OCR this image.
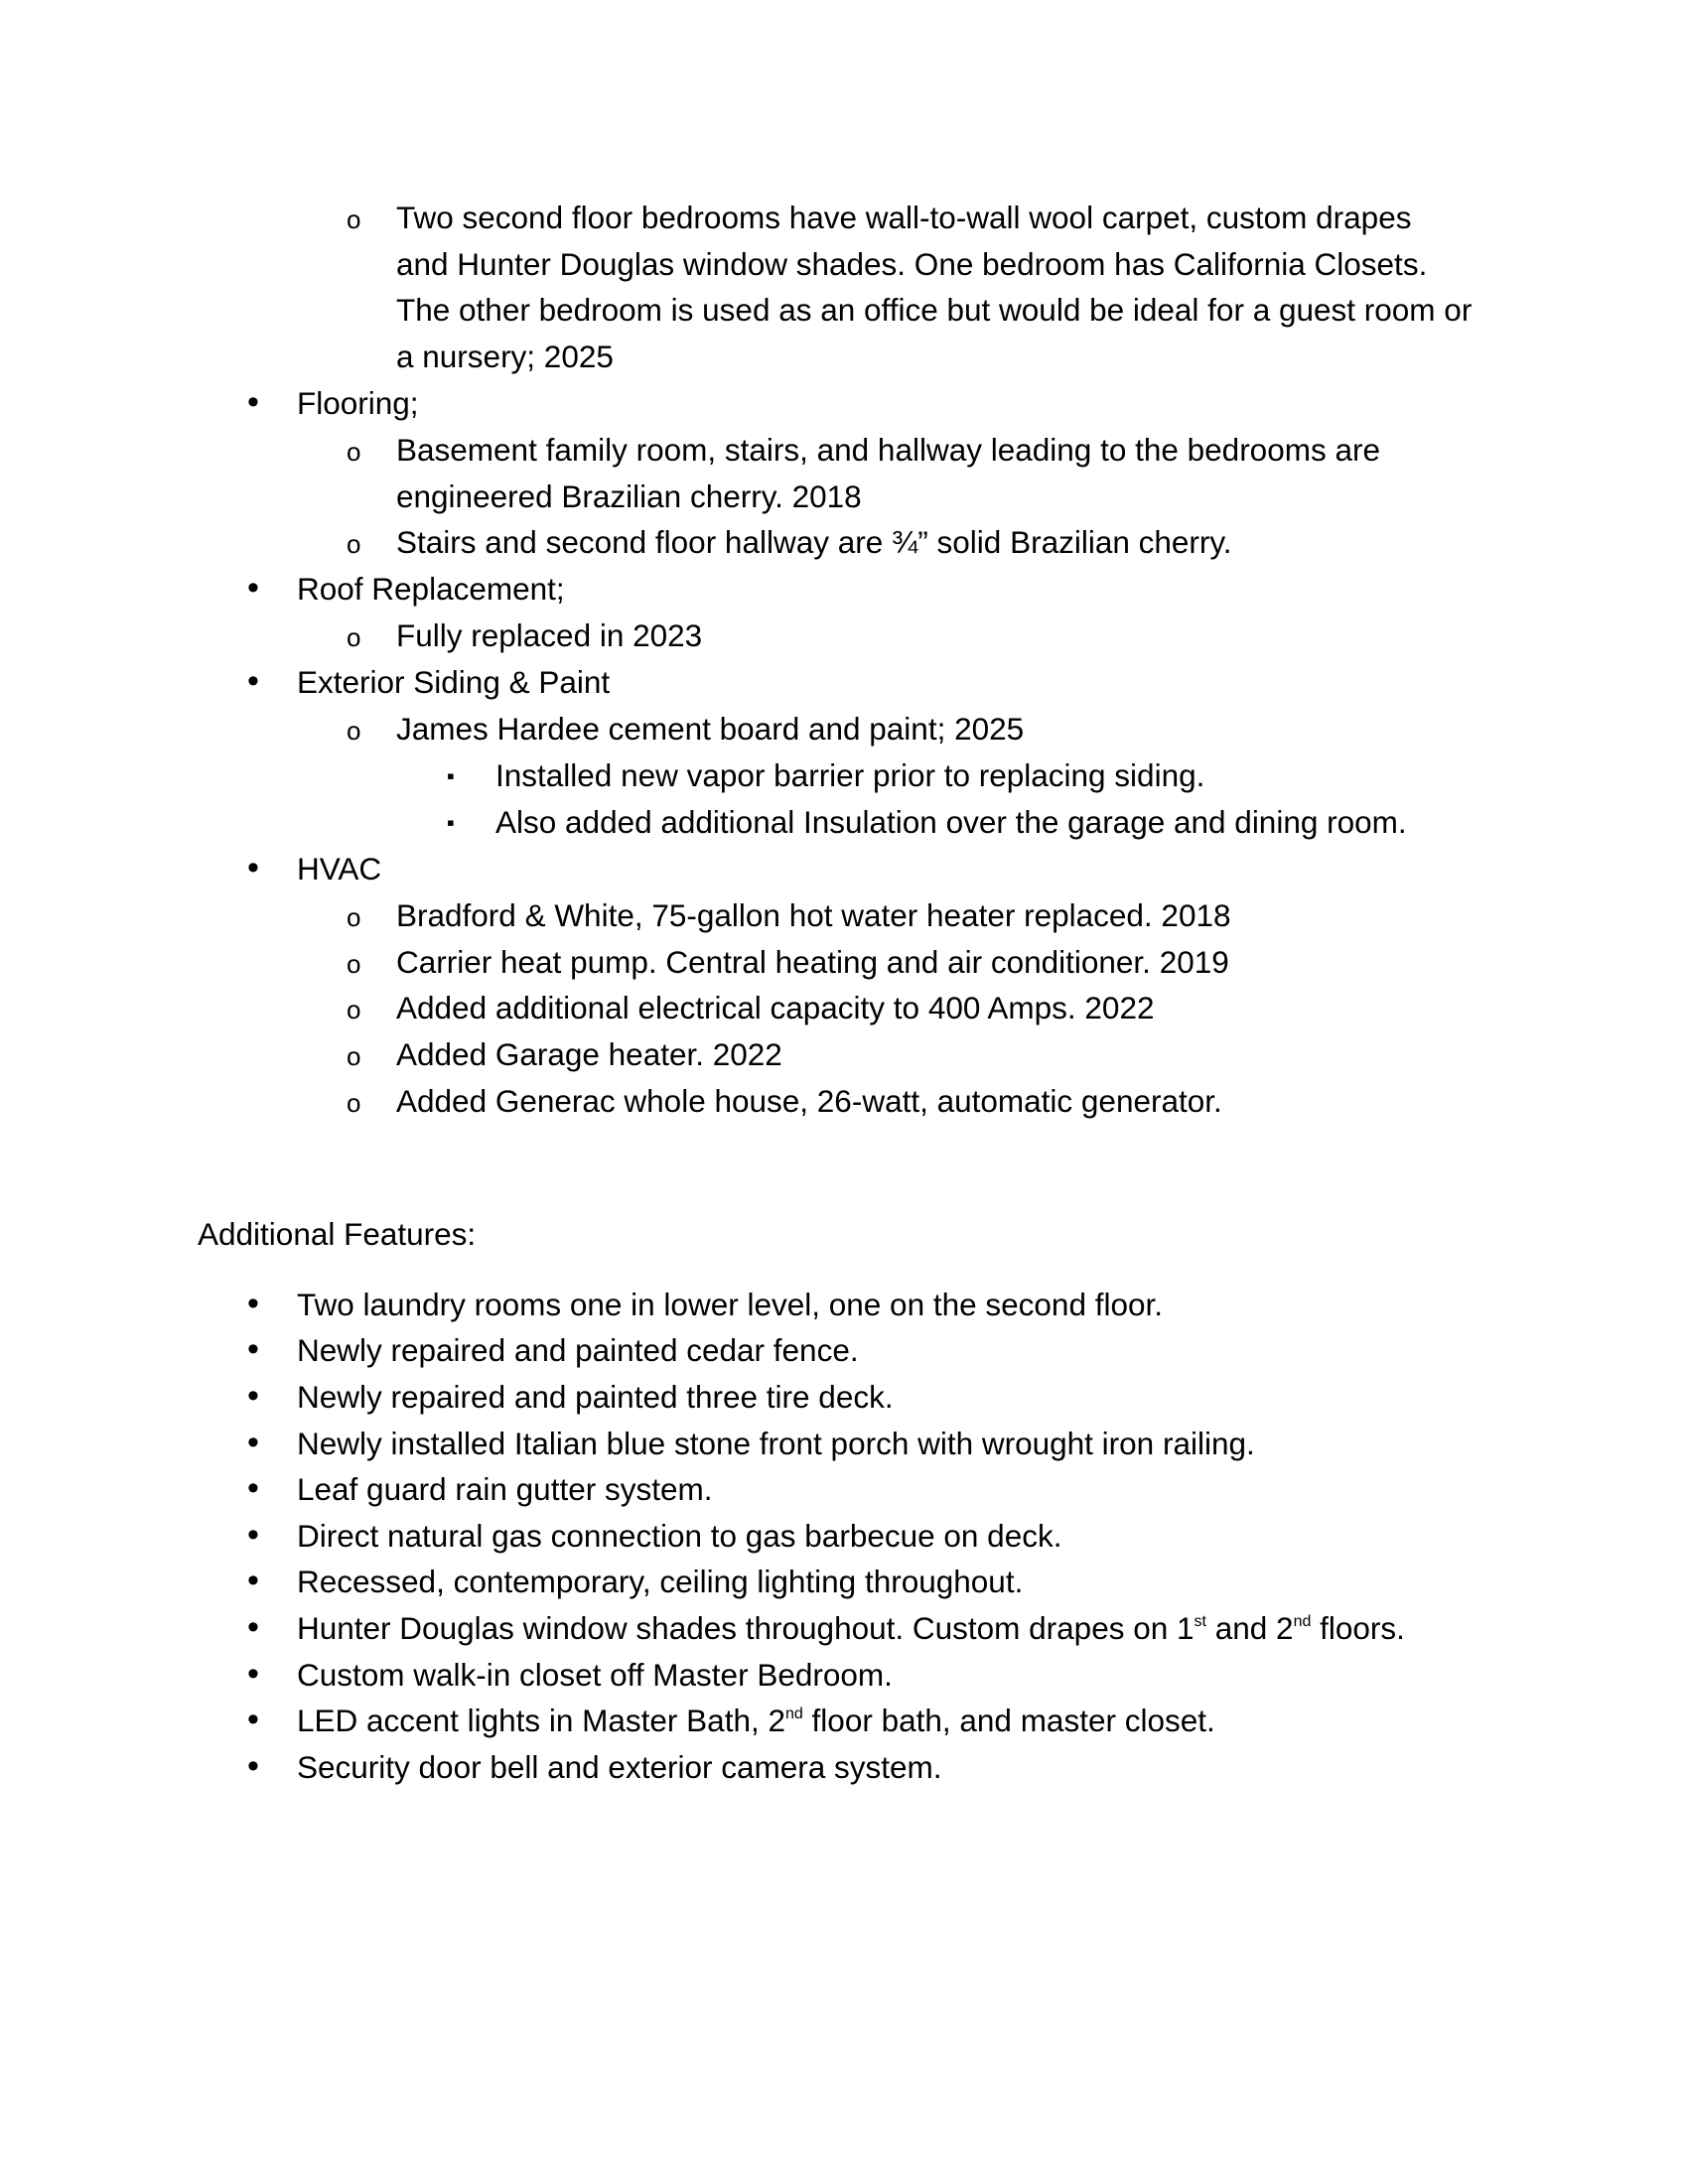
o Two second floor bedrooms have wall-to-wall wool carpet, custom drapes
and Hunter Douglas window shades. One bedroom has California Closets.
The other bedroom is used as an office but would be ideal for a guest room or
a nursery; 2025
• Flooring;
o Basement family room, stairs, and hallway leading to the bedrooms are
engineered Brazilian cherry. 2018
o Stairs and second floor hallway are ¾” solid Brazilian cherry.
• Roof Replacement;
o Fully replaced in 2023
• Exterior Siding & Paint
o James Hardee cement board and paint; 2025
▪ Installed new vapor barrier prior to replacing siding.
▪ Also added additional Insulation over the garage and dining room.
• HVAC
o Bradford & White, 75-gallon hot water heater replaced. 2018
o Carrier heat pump. Central heating and air conditioner. 2019
o Added additional electrical capacity to 400 Amps. 2022
o Added Garage heater. 2022
o Added Generac whole house, 26-watt, automatic generator.
Additional Features:
• Two laundry rooms one in lower level, one on the second floor.
• Newly repaired and painted cedar fence.
• Newly repaired and painted three tire deck.
• Newly installed Italian blue stone front porch with wrought iron railing.
• Leaf guard rain gutter system.
• Direct natural gas connection to gas barbecue on deck.
• Recessed, contemporary, ceiling lighting throughout.
• Hunter Douglas window shades throughout. Custom drapes on 1st and 2nd floors.
• Custom walk-in closet off Master Bedroom.
• LED accent lights in Master Bath, 2nd floor bath, and master closet.
• Security door bell and exterior camera system.
